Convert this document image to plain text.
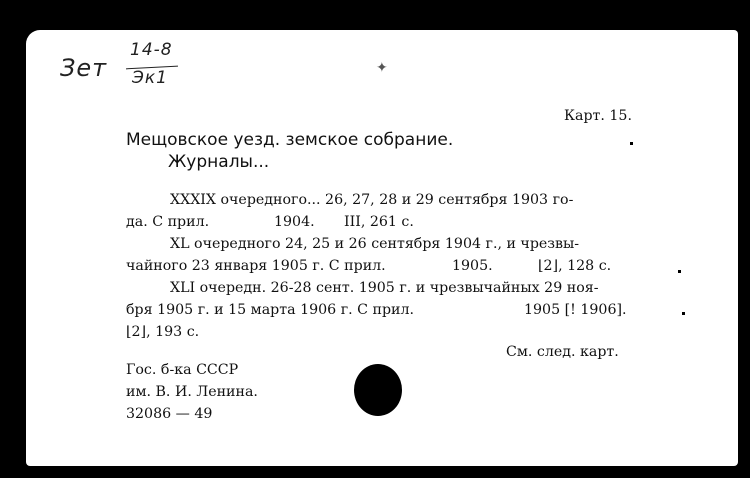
Зет
14-8
Эк1	✦
Карт. 15.
Мещовское уезд. земское собрание.
Журналы...
XXXIX очередного... 26, 27, 28 и 29 сентября 1903 го-
да. С прил.	1904. III, 261 с.
XL очередного 24, 25 и 26 сентября 1904 г., и чрезвы-
чайного 23 января 1905 г. С прил.	1905.	⌊2⌋, 128 с.
XLI очередн. 26-28 сент. 1905 г. и чрезвычайных 29 ноя-
бря 1905 г. и 15 марта 1906 г. С прил.	1905 [! 1906].
⌊2⌋, 193 с.
См. след. карт.
Гос. б-ка СССР
им. В. И. Ленина.
32086 — 49
